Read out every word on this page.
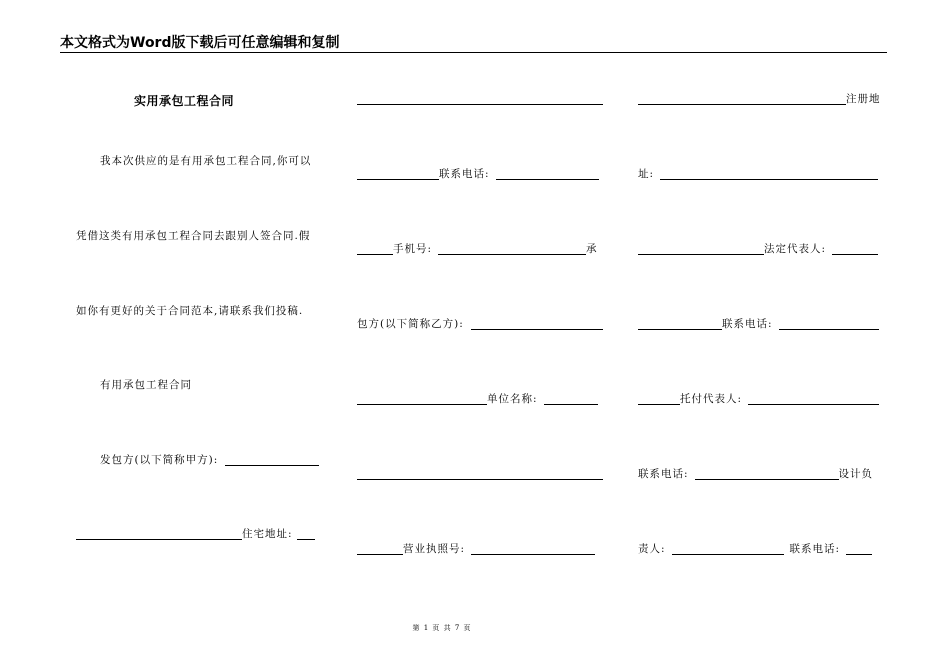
本文格式为Word版下载后可任意编辑和复制
实用承包工程合同
我本次供应的是有用承包工程合同,你可以
凭借这类有用承包工程合同去跟别人签合同.假
如你有更好的关于合同范本,请联系我们投稿.
有用承包工程合同
发包方(以下简称甲方):
住宅地址:
联系电话:
手机号:	承
包方(以下简称乙方):
单位名称:
营业执照号:
注册地
址:
法定代表人:
联系电话:
托付代表人:
联系电话:	设计负
责人:	联系电话:
第 1 页 共 7 页
